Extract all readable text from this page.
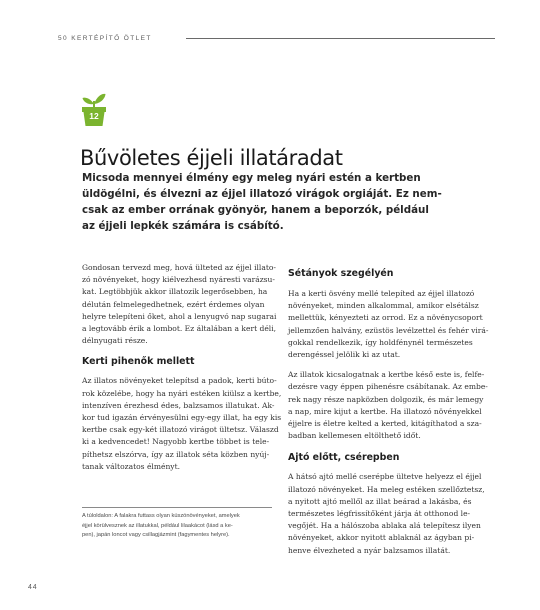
50 KERTÉPÍTŐ ÖTLET
12
Bűvöletes éjjeli illatáradat
Micsoda mennyei élmény egy meleg nyári estén a kertben
üldögélni, és élvezni az éjjel illatozó virágok orgiáját. Ez nem-
csak az ember orrának gyönyör, hanem a beporzók, például
az éjjeli lepkék számára is csábító.

Gondosan tervezd meg, hová ülteted az éjjel illato-
zó növényeket, hogy kiélvezhesd nyáresti varázsu-
kat. Legtöbbjük akkor illatozik legerősebben, ha
délután felmelegedhetnek, ezért érdemes olyan
helyre telepíteni őket, ahol a lenyugvó nap sugarai
a legtovább érik a lombot. Ez általában a kert déli,
délnyugati része.

Kerti pihenők mellett

Az illatos növényeket telepítsd a padok, kerti búto-
rok közelébe, hogy ha nyári estéken kiülsz a kertbe,
intenzíven érezhesd édes, balzsamos illatukat. Ak-
kor tud igazán érvényesülni egy-egy illat, ha egy kis
kertbe csak egy-két illatozó virágot ültetsz. Válaszd
ki a kedvencedet! Nagyobb kertbe többet is tele-
píthetsz elszórva, így az illatok séta közben nyúj-
tanak változatos élményt.

A túloldalon: A falakra futtass olyan kúszónövényeket, amelyek
éjjel körülvesznek az illatukkal, például lilaakácot (lásd a ke-
pen), japán loncot vagy csillagjázmint (fagymentes helyre).
Sétányok szegélyén

Ha a kerti ösvény mellé telepíted az éjjel illatozó
növényeket, minden alkalommal, amikor elsétálsz
mellettük, kényezteti az orrod. Ez a növénycsoport
jellemzően halvány, ezüstös levélzettel és fehér virá-
gokkal rendelkezik, így holdfénynél természetes
derengéssel jelölik ki az utat.

Az illatok kicsalogatnak a kertbe késő este is, felfe-
dezésre vagy éppen pihenésre csábítanak. Az embe-
rek nagy része napközben dolgozik, és már lemegy
a nap, mire kijut a kertbe. Ha illatozó növényekkel
éjjelre is életre kelted a kerted, kitágíthatod a sza-
badban kellemesen eltölthető időt.

Ajtó előtt, csérepben

A hátsó ajtó mellé cserépbe ültetve helyezz el éjjel
illatozó növényeket. Ha meleg estéken szellőztetsz,
a nyitott ajtó mellől az illat beárad a lakásba, és
természetes légfrissítőként járja át otthonod le-
vegőjét. Ha a hálószoba ablaka alá telepítesz ilyen
növényeket, akkor nyitott ablaknál az ágyban pi-
henve élvezheted a nyár balzsamos illatát.

44
